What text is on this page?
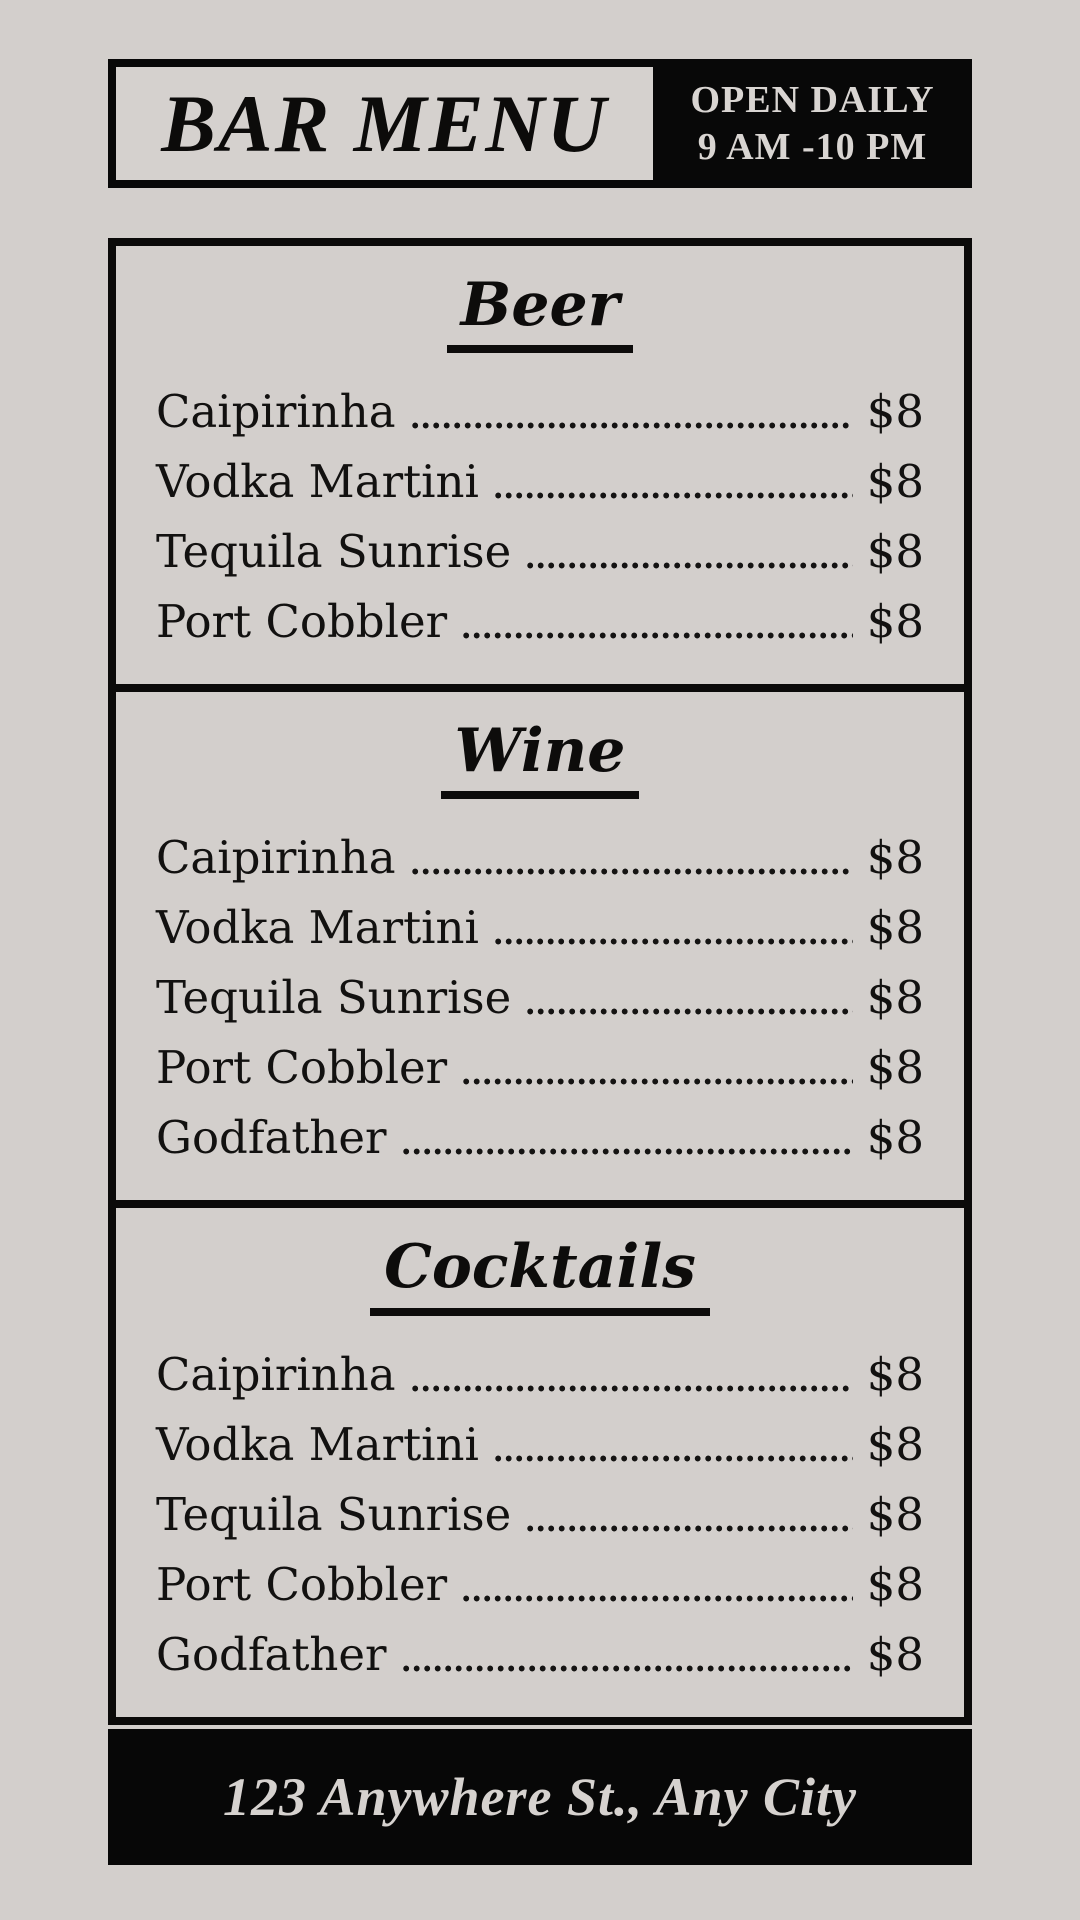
BAR MENU OPEN DAILY
9 AM -10 PM
Beer
Caipirinha	$8
Vodka Martini	$8
Tequila Sunrise	$8
Port Cobbler	$8
Wine
Caipirinha	$8
Vodka Martini	$8
Tequila Sunrise	$8
Port Cobbler	$8
Godfather	$8
Cocktails
Caipirinha	$8
Vodka Martini	$8
Tequila Sunrise	$8
Port Cobbler	$8
Godfather	$8
123 Anywhere St., Any City
